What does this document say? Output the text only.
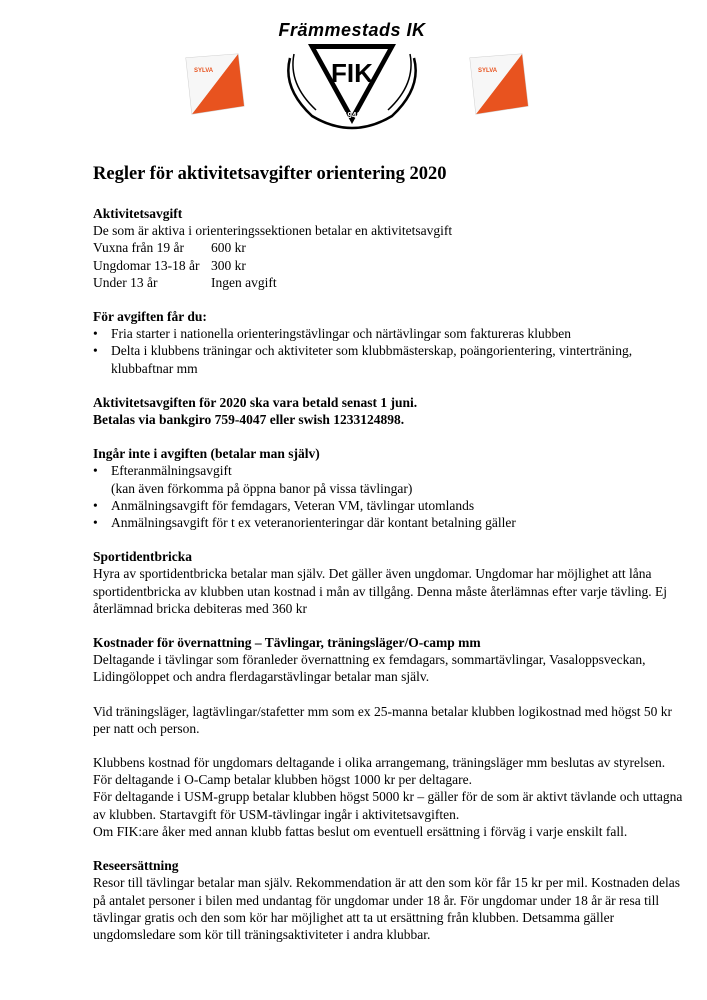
SYLVA
Främmestads IK
FIK
1941
SYLVA
Regler för aktivitetsavgifter orientering 2020
Aktivitetsavgift

De som är aktiva i orienteringssektionen betalar en aktivitetsavgift

Vuxna från 19 år	600 kr
Ungdomar 13-18 år 300 kr
Under 13 år	Ingen avgift
För avgiften får du:
• Fria starter i nationella orienteringstävlingar och närtävlingar som faktureras klubben
• Delta i klubbens träningar och aktiviteter som klubbmästerskap, poängorientering, vinterträning, klubbaftnar mm
Aktivitetsavgiften för 2020 ska vara betald senast 1 juni.
Betalas via bankgiro 759-4047 eller swish 1233124898.
Ingår inte i avgiften (betalar man själv)
• Efteranmälningsavgift
(kan även förkomma på öppna banor på vissa tävlingar)
• Anmälningsavgift för femdagars, Veteran VM, tävlingar utomlands
• Anmälningsavgift för t ex veteranorienteringar där kontant betalning gäller
Sportidentbricka

Hyra av sportidentbricka betalar man själv. Det gäller även ungdomar. Ungdomar har möjlighet att låna sportidentbricka av klubben utan kostnad i mån av tillgång. Denna måste återlämnas efter varje tävling. Ej återlämnad bricka debiteras med 360 kr

Kostnader för övernattning – Tävlingar, träningsläger/O-camp mm

Deltagande i tävlingar som föranleder övernattning ex femdagars, sommartävlingar, Vasaloppsveckan, Lidingöloppet och andra flerdagarstävlingar betalar man själv.

Vid träningsläger, lagtävlingar/stafetter mm som ex 25-manna betalar klubben logikostnad med högst 50 kr per natt och person.

Klubbens kostnad för ungdomars deltagande i olika arrangemang, träningsläger mm beslutas av styrelsen.

För deltagande i O-Camp betalar klubben högst 1000 kr per deltagare.

För deltagande i USM-grupp betalar klubben högst 5000 kr – gäller för de som är aktivt tävlande och uttagna av klubben. Startavgift för USM-tävlingar ingår i aktivitetsavgiften.

Om FIK:are åker med annan klubb fattas beslut om eventuell ersättning i förväg i varje enskilt fall.

Reseersättning

Resor till tävlingar betalar man själv. Rekommendation är att den som kör får 15 kr per mil. Kostnaden delas på antalet personer i bilen med undantag för ungdomar under 18 år. För ungdomar under 18 år är resa till tävlingar gratis och den som kör har möjlighet att ta ut ersättning från klubben. Detsamma gäller ungdomsledare som kör till träningsaktiviteter i andra klubbar.
